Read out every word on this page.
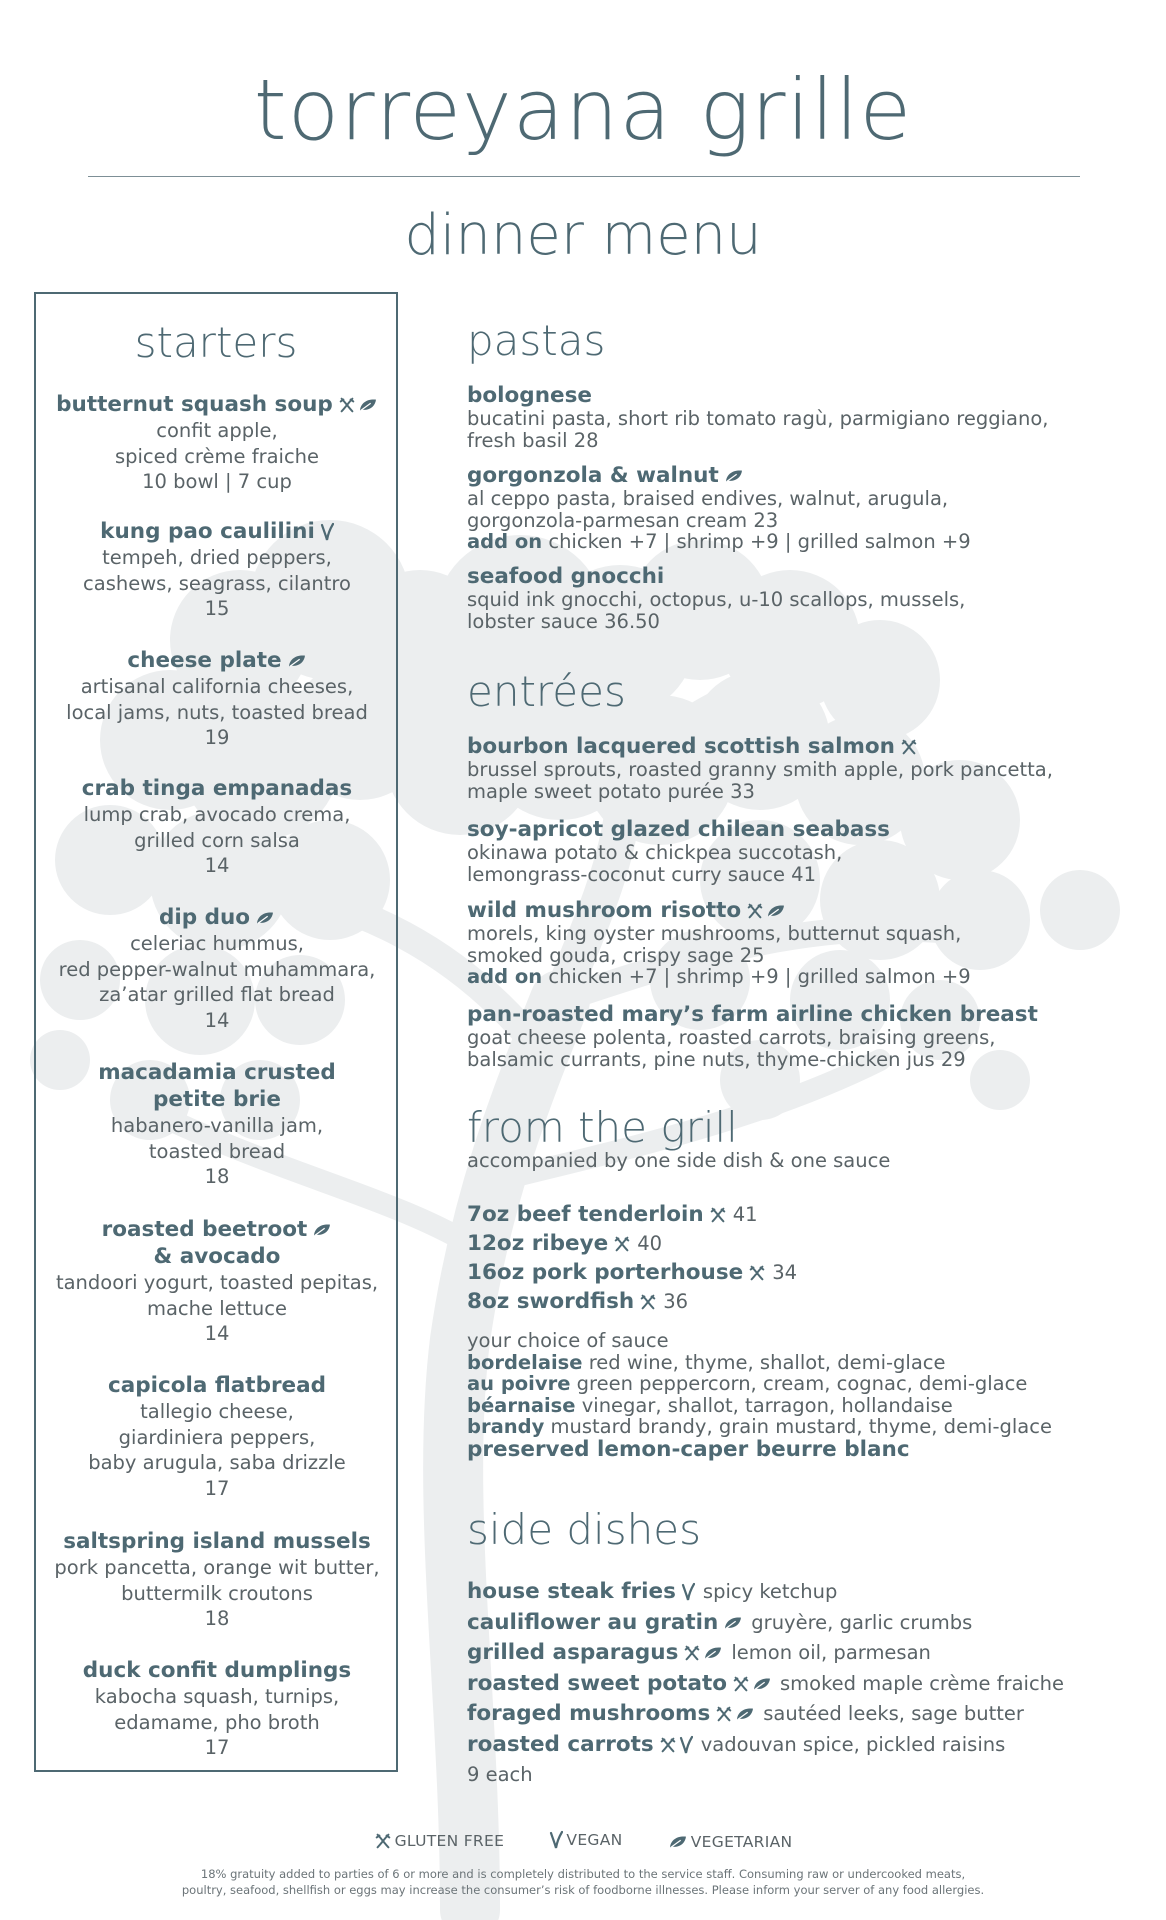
torreyana grille
dinner menu
starters
butternut squash soup
confit apple,
spiced crème fraiche
10 bowl | 7 cup
kung pao caulilini
tempeh, dried peppers,
cashews, seagrass, cilantro
15
cheese plate
artisanal california cheeses,
local jams, nuts, toasted bread
19
crab tinga empanadas
lump crab, avocado crema,
grilled corn salsa
14
dip duo
celeriac hummus,
red pepper-walnut muhammara,
za’atar grilled flat bread
14
macadamia crusted
petite brie
habanero-vanilla jam,
toasted bread
18
roasted beetroot
& avocado
tandoori yogurt, toasted pepitas,
mache lettuce
14
capicola flatbread
tallegio cheese,
giardiniera peppers,
baby arugula, saba drizzle
17
saltspring island mussels
pork pancetta, orange wit butter,
buttermilk croutons
18
duck confit dumplings
kabocha squash, turnips,
edamame, pho broth
17
pastas
bolognese
bucatini pasta, short rib tomato ragù, parmigiano reggiano,
fresh basil 28
gorgonzola & walnut
al ceppo pasta, braised endives, walnut, arugula,
gorgonzola-parmesan cream 23
add on chicken +7 | shrimp +9 | grilled salmon +9
seafood gnocchi
squid ink gnocchi, octopus, u-10 scallops, mussels,
lobster sauce 36.50
entrées
bourbon lacquered scottish salmon
brussel sprouts, roasted granny smith apple, pork pancetta,
maple sweet potato purée 33
soy-apricot glazed chilean seabass
okinawa potato & chickpea succotash,
lemongrass-coconut curry sauce 41
wild mushroom risotto
morels, king oyster mushrooms, butternut squash,
smoked gouda, crispy sage 25
add on chicken +7 | shrimp +9 | grilled salmon +9
pan-roasted mary’s farm airline chicken breast
goat cheese polenta, roasted carrots, braising greens,
balsamic currants, pine nuts, thyme-chicken jus 29
from the grill
accompanied by one side dish & one sauce
7oz beef tenderloin 41
12oz ribeye 40
16oz pork porterhouse 34
8oz swordfish 36
your choice of sauce
bordelaise red wine, thyme, shallot, demi-glace
au poivre green peppercorn, cream, cognac, demi-glace
béarnaise vinegar, shallot, tarragon, hollandaise
brandy mustard brandy, grain mustard, thyme, demi-glace
preserved lemon-caper beurre blanc
side dishes
house steak fries spicy ketchup
cauliflower au gratin gruyère, garlic crumbs
grilled asparagus	lemon oil, parmesan
roasted sweet potato	smoked maple crème fraiche
foraged mushrooms	sautéed leeks, sage butter
roasted carrots vadouvan spice, pickled raisins
9 each
GLUTEN FREE
	VEGAN
	VEGETARIAN
18% gratuity added to parties of 6 or more and is completely distributed to the service staff. Consuming raw or undercooked meats,
poultry, seafood, shellfish or eggs may increase the consumer’s risk of foodborne illnesses. Please inform your server of any food allergies.
